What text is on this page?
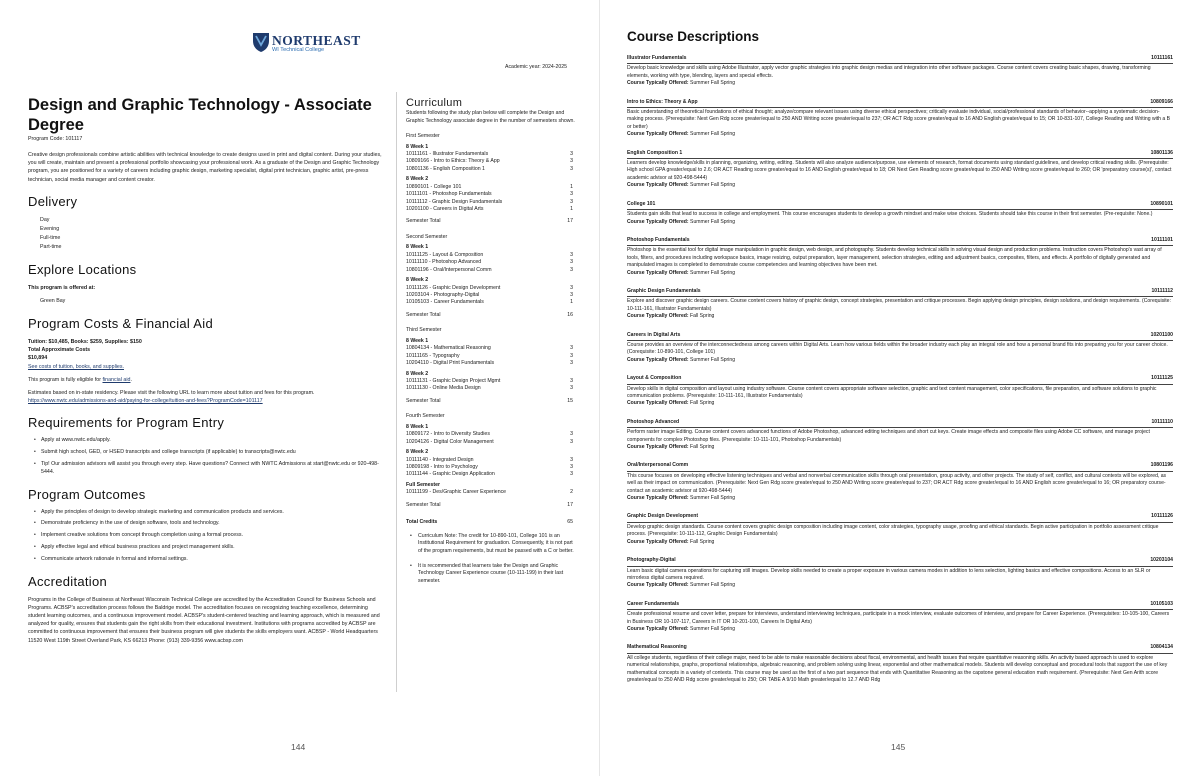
NORTHEAST
WI Technical College
Academic year: 2024-2025
Design and Graphic Technology - Associate Degree
Program Code: 101117

Creative design professionals combine artistic abilities with technical knowledge to create designs used in print and digital content. During your studies, you will create, maintain and present a professional portfolio showcasing your professional work. As a graduate of the Design and Graphic Technology program, you are positioned for a variety of careers including graphic design, marketing specialist, digital print technician, graphic artist, pre-press technician, social media manager and content creator.

Delivery
Day
Evening
Full-time
Part-time
Explore Locations

This program is offered at:

Green Bay
Program Costs & Financial Aid
Tuition: $10,485, Books: $259, Supplies: $150
Total Approximate Costs
$10,894

See costs of tuition, books, and supplies.

This program is fully eligible for financial aid.

Estimates based on in-state residency. Please visit the following URL to learn more about tuition and fees for this program.
https://www.nwtc.edu/admissions-and-aid/paying-for-college/tuition-and-fees?ProgramCode=101117

Requirements for Program Entry
• Apply at www.nwtc.edu/apply.
• Submit high school, GED, or HSED transcripts and college transcripts (if applicable) to transcripts@nwtc.edu
• Tip! Our admission advisors will assist you through every step. Have questions? Connect with NWTC Admissions at start@nwtc.edu or 920-498-5444.
Program Outcomes
• Apply the principles of design to develop strategic marketing and communication products and services.
• Demonstrate proficiency in the use of design software, tools and technology.
• Implement creative solutions from concept through completion using a formal process.
• Apply effective legal and ethical business practices and project management skills.
• Communicate artwork rationale in formal and informal settings.
Accreditation

Programs in the College of Business at Northeast Wisconsin Technical College are accredited by the Accreditation Council for Business Schools and Programs. ACBSP's accreditation process follows the Baldrige model. The accreditation focuses on recognizing teaching excellence, determining student learning outcomes, and a continuous improvement model. ACBSP's student-centered teaching and learning approach, which is measured and analyzed for quality, ensures that students gain the right skills from their educational investment. Institutions with programs accredited by ACBSP are committed to continuous improvement that ensures their business program will give students the skills employers want. ACBSP - World Headquarters 11520 West 119th Street Overland Park, KS 66213 Phone: (913) 339-9356 www.acbsp.com

Curriculum

Students following the study plan below will complete the Design and Graphic Technology associate degree in the number of semesters shown.

First Semester
8 Week 1
10111161 - Illustrator Fundamentals	3
10809166 - Intro to Ethics: Theory & App	3
10801136 - English Composition 1	3
8 Week 2
10890101 - College 101	1
10111101 - Photoshop Fundamentals	3
10111112 - Graphic Design Fundamentals	3
10201100 - Careers in Digital Arts	1
Semester Total	17
Second Semester
8 Week 1
10111125 - Layout & Composition	3
10111110 - Photoshop Advanced	3
10801196 - Oral/Interpersonal Comm	3
8 Week 2
10111126 - Graphic Design Development	3
10203104 - Photography-Digital	3
10105103 - Career Fundamentals	1
Semester Total	16
Third Semester
8 Week 1
10804134 - Mathematical Reasoning	3
10111165 - Typography	3
10204110 - Digital Print Fundamentals	3
8 Week 2
10111131 - Graphic Design Project Mgmt	3
10111130 - Online Media Design	3
Semester Total	15
Fourth Semester
8 Week 1
10809172 - Intro to Diversity Studies	3
10204126 - Digital Color Management	3
8 Week 2
10111140 - Integrated Design	3
10809198 - Intro to Psychology	3
10111144 - Graphic Design Application	3
Full Semester
10111199 - Des/Graphic Career Experience	2
Semester Total	17
Total Credits	65
• Curriculum Note: The credit for 10-890-101, College 101 is an Institutional Requirement for graduation. Consequently, it is not part of the program requirements, but must be passed with a C or better.
• It is recommended that learners take the Design and Graphic Technology Career Experience course (10-111-199) in their last semester.
144
Course Descriptions
Illustrator Fundamentals	10111161
Develop basic knowledge and skills using Adobe Illustrator, apply vector graphic strategies into graphic design medias and integration into other software packages. Course content covers creating basic shapes, drawing, transforming elements, working with type, blending, layers and special effects.
Course Typically Offered: Summer Fall Spring
Intro to Ethics: Theory & App	10809166
Basic understanding of theoretical foundations of ethical thought; analyze/compare relevant issues using diverse ethical perspectives; critically evaluate individual, social/professional standards of behavior--applying a systematic decision-making process. (Prerequisite: Next Gen Rdg score greater/equal to 250 AND Writing score greater/equal to 237; OR ACT Rdg score greater/equal to 16 AND English greater/equal to 15; OR 10-831-107, College Reading and Writing with a B or better)
Course Typically Offered: Summer Fall Spring
English Composition 1	10801136
Learners develop knowledge/skills in planning, organizing, writing, editing. Students will also analyze audience/purpose, use elements of research, format documents using standard guidelines, and develop critical reading skills. (Prerequisite: High school GPA greater/equal to 2.6; OR ACT Reading score greater/equal to 16 AND English greater/equal to 18; OR Next Gen Reading score greater/equal to 250 AND Writing score greater/equal to 260; OR 'preparatory course(s)', contact academic advisor at 920-498-5444)
Course Typically Offered: Summer Fall Spring
College 101	10890101
Students gain skills that lead to success in college and employment. This course encourages students to develop a growth mindset and make wise choices. Students should take this course in their first semester. (Pre-requisite: None.)
Course Typically Offered: Summer Fall Spring
Photoshop Fundamentals	10111101
Photoshop is the essential tool for digital image manipulation in graphic design, web design, and photography. Students develop technical skills in solving visual design and production problems. Instruction covers Photoshop's vast array of tools, filters, and procedures including workspace basics, image resizing, output preparation, layer management, selection strategies, editing and adjustment basics, composites, filters, and effects. A portfolio of digitally generated and manipulated images is completed to demonstrate course competencies and learning objectives have been met.
Course Typically Offered: Summer Fall Spring
Graphic Design Fundamentals	10111112
Explore and discover graphic design careers. Course content covers history of graphic design, concept strategies, presentation and critique processes. Begin applying design principles, design solutions, and design requirements. (Corequisite: 10-111-161, Illustrator Fundamentals)
Course Typically Offered: Fall Spring
Careers in Digital Arts	10201100
Course provides an overview of the interconnectedness among careers within Digital Arts. Learn how various fields within the broader industry each play an integral role and how a personal brand fits into preparing you for your career choice. (Corequisite: 10-890-101, College 101)
Course Typically Offered: Summer Fall Spring
Layout & Composition	10111125
Develop skills in digital composition and layout using industry software. Course content covers appropriate software selection, graphic and text content management, color specifications, file preparation, and software solutions to graphic communication problems. (Prerequisite: 10-111-161, Illustrator Fundamentals)
Course Typically Offered: Fall Spring
Photoshop Advanced	10111110
Perform raster image Editing. Course content covers advanced functions of Adobe Photoshop, advanced editing techniques and short cut keys. Create image effects and composite files using Adobe CC software, and manage project components for complex Photoshop files. (Prerequisite: 10-111-101, Photoshop Fundamentals)
Course Typically Offered: Fall Spring
Oral/Interpersonal Comm	10801196
This course focuses on developing effective listening techniques and verbal and nonverbal communication skills through oral presentation, group activity, and other projects. The study of self, conflict, and cultural contexts will be explored, as well as their impact on communication. (Prerequisite: Next Gen Rdg score greater/equal to 250 AND Writing score greater/equal to 237; OR ACT Rdg score greater/equal to 16 AND English score greater/equal to 16; OR preparatory course-contact an academic advisor at 920-498-5444)
Course Typically Offered: Summer Fall Spring
Graphic Design Development	10111126
Develop graphic design standards. Course content covers graphic design composition including image content, color strategies, typography usage, proofing and ethical standards. Begin active participation in portfolio assessment critique process. (Prerequisite: 10-111-112, Graphic Design Fundamentals)
Course Typically Offered: Fall Spring
Photography-Digital	10203104
Learn basic digital camera operations for capturing still images. Develop skills needed to create a proper exposure in various camera modes in addition to lens selection, lighting basics and effective compositions. Access to an SLR or mirrorless digital camera required.
Course Typically Offered: Summer Fall Spring
Career Fundamentals	10105103
Create professional resume and cover letter, prepare for interviews, understand interviewing techniques, participate in a mock interview, evaluate outcomes of interview, and prepare for Career Experience. (Prerequisites: 10-105-100, Careers in Business OR 10-107-117, Careers in IT OR 10-201-100, Careers In Digital Arts)
Course Typically Offered: Summer Fall Spring
Mathematical Reasoning	10804134
All college students, regardless of their college major, need to be able to make reasonable decisions about fiscal, environmental, and health issues that require quantitative reasoning skills. An activity based approach is used to explore numerical relationships, graphs, proportional relationships, algebraic reasoning, and problem solving using linear, exponential and other mathematical models. Students will develop conceptual and procedural tools that support the use of key mathematical concepts in a variety of contexts. This course may be used as the first of a two part sequence that ends with Quantitative Reasoning as the capstone general education math requirement. (Prerequisite: Next Gen Arith score greater/equal to 250 AND Rdg score greater/equal to 250; OR TABE A 9/10 Math greater/equal to 12.7 AND Rdg
145
